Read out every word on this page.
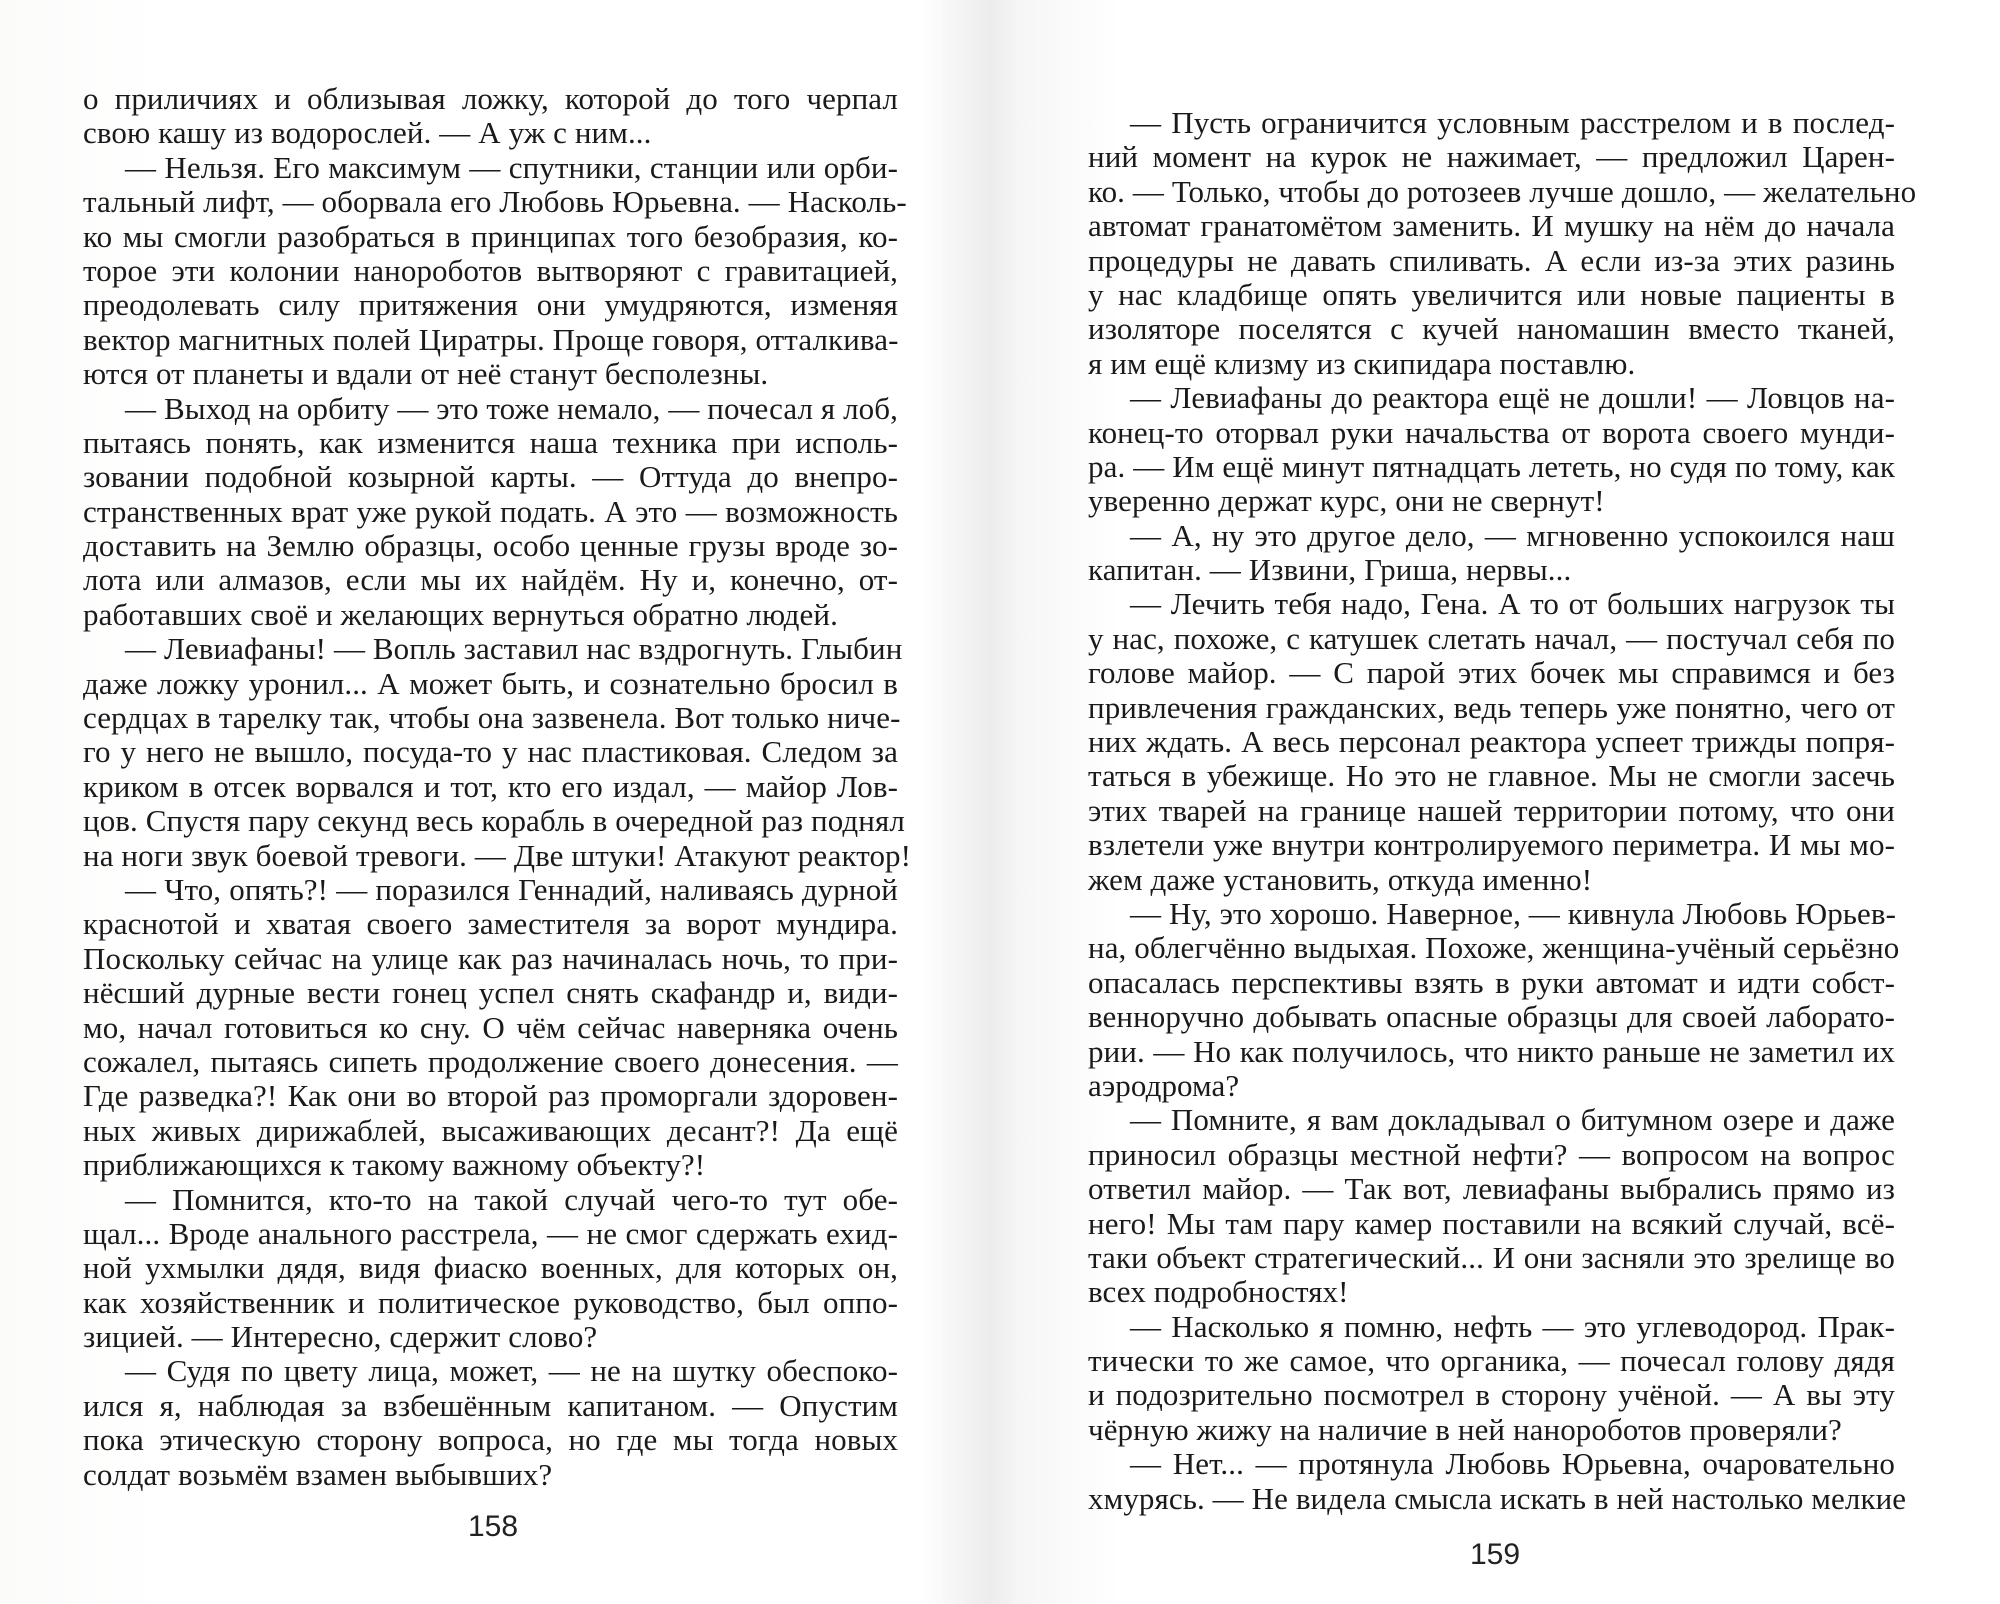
о приличиях и облизывая ложку, которой до того черпал
свою кашу из водорослей. — А уж с ним...
— Нельзя. Его максимум — спутники, станции или орби-
тальный лифт, — оборвала его Любовь Юрьевна. — Насколь-
ко мы смогли разобраться в принципах того безобразия, ко-
торое эти колонии нанороботов вытворяют с гравитацией,
преодолевать силу притяжения они умудряются, изменяя
вектор магнитных полей Циратры. Проще говоря, отталкива-
ются от планеты и вдали от неё станут бесполезны.
— Выход на орбиту — это тоже немало, — почесал я лоб,
пытаясь понять, как изменится наша техника при исполь-
зовании подобной козырной карты. — Оттуда до внепро-
странственных врат уже рукой подать. А это — возможность
доставить на Землю образцы, особо ценные грузы вроде зо-
лота или алмазов, если мы их найдём. Ну и, конечно, от-
работавших своё и желающих вернуться обратно людей.
— Левиафаны! — Вопль заставил нас вздрогнуть. Глыбин
даже ложку уронил... А может быть, и сознательно бросил в
сердцах в тарелку так, чтобы она зазвенела. Вот только ниче-
го у него не вышло, посуда-то у нас пластиковая. Следом за
криком в отсек ворвался и тот, кто его издал, — майор Лов-
цов. Спустя пару секунд весь корабль в очередной раз поднял
на ноги звук боевой тревоги. — Две штуки! Атакуют реактор!
— Что, опять?! — поразился Геннадий, наливаясь дурной
краснотой и хватая своего заместителя за ворот мундира.
Поскольку сейчас на улице как раз начиналась ночь, то при-
нёсший дурные вести гонец успел снять скафандр и, види-
мо, начал готовиться ко сну. О чём сейчас наверняка очень
сожалел, пытаясь сипеть продолжение своего донесения. —
Где разведка?! Как они во второй раз проморгали здоровен-
ных живых дирижаблей, высаживающих десант?! Да ещё
приближающихся к такому важному объекту?!
— Помнится, кто-то на такой случай чего-то тут обе-
щал... Вроде анального расстрела, — не смог сдержать ехид-
ной ухмылки дядя, видя фиаско военных, для которых он,
как хозяйственник и политическое руководство, был оппо-
зицией. — Интересно, сдержит слово?
— Судя по цвету лица, может, — не на шутку обеспоко-
ился я, наблюдая за взбешённым капитаном. — Опустим
пока этическую сторону вопроса, но где мы тогда новых
солдат возьмём взамен выбывших?
158
— Пусть ограничится условным расстрелом и в послед-
ний момент на курок не нажимает, — предложил Царен-
ко. — Только, чтобы до ротозеев лучше дошло, — желательно
автомат гранатомётом заменить. И мушку на нём до начала
процедуры не давать спиливать. А если из-за этих разинь
у нас кладбище опять увеличится или новые пациенты в
изоляторе поселятся с кучей наномашин вместо тканей,
я им ещё клизму из скипидара поставлю.
— Левиафаны до реактора ещё не дошли! — Ловцов на-
конец-то оторвал руки начальства от ворота своего мунди-
ра. — Им ещё минут пятнадцать лететь, но судя по тому, как
уверенно держат курс, они не свернут!
— А, ну это другое дело, — мгновенно успокоился наш
капитан. — Извини, Гриша, нервы...
— Лечить тебя надо, Гена. А то от больших нагрузок ты
у нас, похоже, с катушек слетать начал, — постучал себя по
голове майор. — С парой этих бочек мы справимся и без
привлечения гражданских, ведь теперь уже понятно, чего от
них ждать. А весь персонал реактора успеет трижды попря-
таться в убежище. Но это не главное. Мы не смогли засечь
этих тварей на границе нашей территории потому, что они
взлетели уже внутри контролируемого периметра. И мы мо-
жем даже установить, откуда именно!
— Ну, это хорошо. Наверное, — кивнула Любовь Юрьев-
на, облегчённо выдыхая. Похоже, женщина-учёный серьёзно
опасалась перспективы взять в руки автомат и идти собст-
венноручно добывать опасные образцы для своей лаборато-
рии. — Но как получилось, что никто раньше не заметил их
аэродрома?
— Помните, я вам докладывал о битумном озере и даже
приносил образцы местной нефти? — вопросом на вопрос
ответил майор. — Так вот, левиафаны выбрались прямо из
него! Мы там пару камер поставили на всякий случай, всё-
таки объект стратегический... И они засняли это зрелище во
всех подробностях!
— Насколько я помню, нефть — это углеводород. Прак-
тически то же самое, что органика, — почесал голову дядя
и подозрительно посмотрел в сторону учёной. — А вы эту
чёрную жижу на наличие в ней нанороботов проверяли?
— Нет... — протянула Любовь Юрьевна, очаровательно
хмурясь. — Не видела смысла искать в ней настолько мелкие
159
